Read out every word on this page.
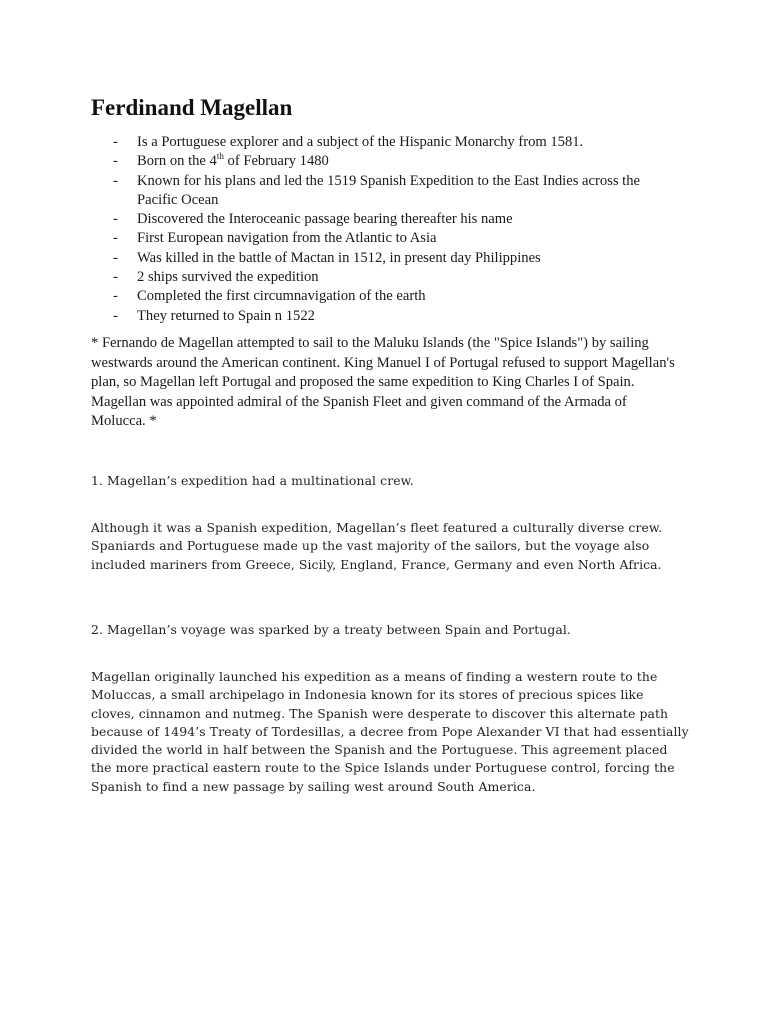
Ferdinand Magellan
- Is a Portuguese explorer and a subject of the Hispanic Monarchy from 1581.
- Born on the 4th of February 1480
- Known for his plans and led the 1519 Spanish Expedition to the East Indies across the Pacific Ocean
- Discovered the Interoceanic passage bearing thereafter his name
- First European navigation from the Atlantic to Asia
- Was killed in the battle of Mactan in 1512, in present day Philippines
- 2 ships survived the expedition
- Completed the first circumnavigation of the earth
- They returned to Spain n 1522

* Fernando de Magellan attempted to sail to the Maluku Islands (the "Spice Islands") by sailing westwards around the American continent. King Manuel I of Portugal refused to support Magellan's plan, so Magellan left Portugal and proposed the same expedition to King Charles I of Spain. Magellan was appointed admiral of the Spanish Fleet and given command of the Armada of Molucca. *

1. Magellan’s expedition had a multinational crew.

Although it was a Spanish expedition, Magellan’s fleet featured a culturally diverse crew. Spaniards and Portuguese made up the vast majority of the sailors, but the voyage also included mariners from Greece, Sicily, England, France, Germany and even North Africa.

2. Magellan’s voyage was sparked by a treaty between Spain and Portugal.

Magellan originally launched his expedition as a means of finding a western route to the Moluccas, a small archipelago in Indonesia known for its stores of precious spices like cloves, cinnamon and nutmeg. The Spanish were desperate to discover this alternate path because of 1494’s Treaty of Tordesillas, a decree from Pope Alexander VI that had essentially divided the world in half between the Spanish and the Portuguese. This agreement placed the more practical eastern route to the Spice Islands under Portuguese control, forcing the Spanish to find a new passage by sailing west around South America.
